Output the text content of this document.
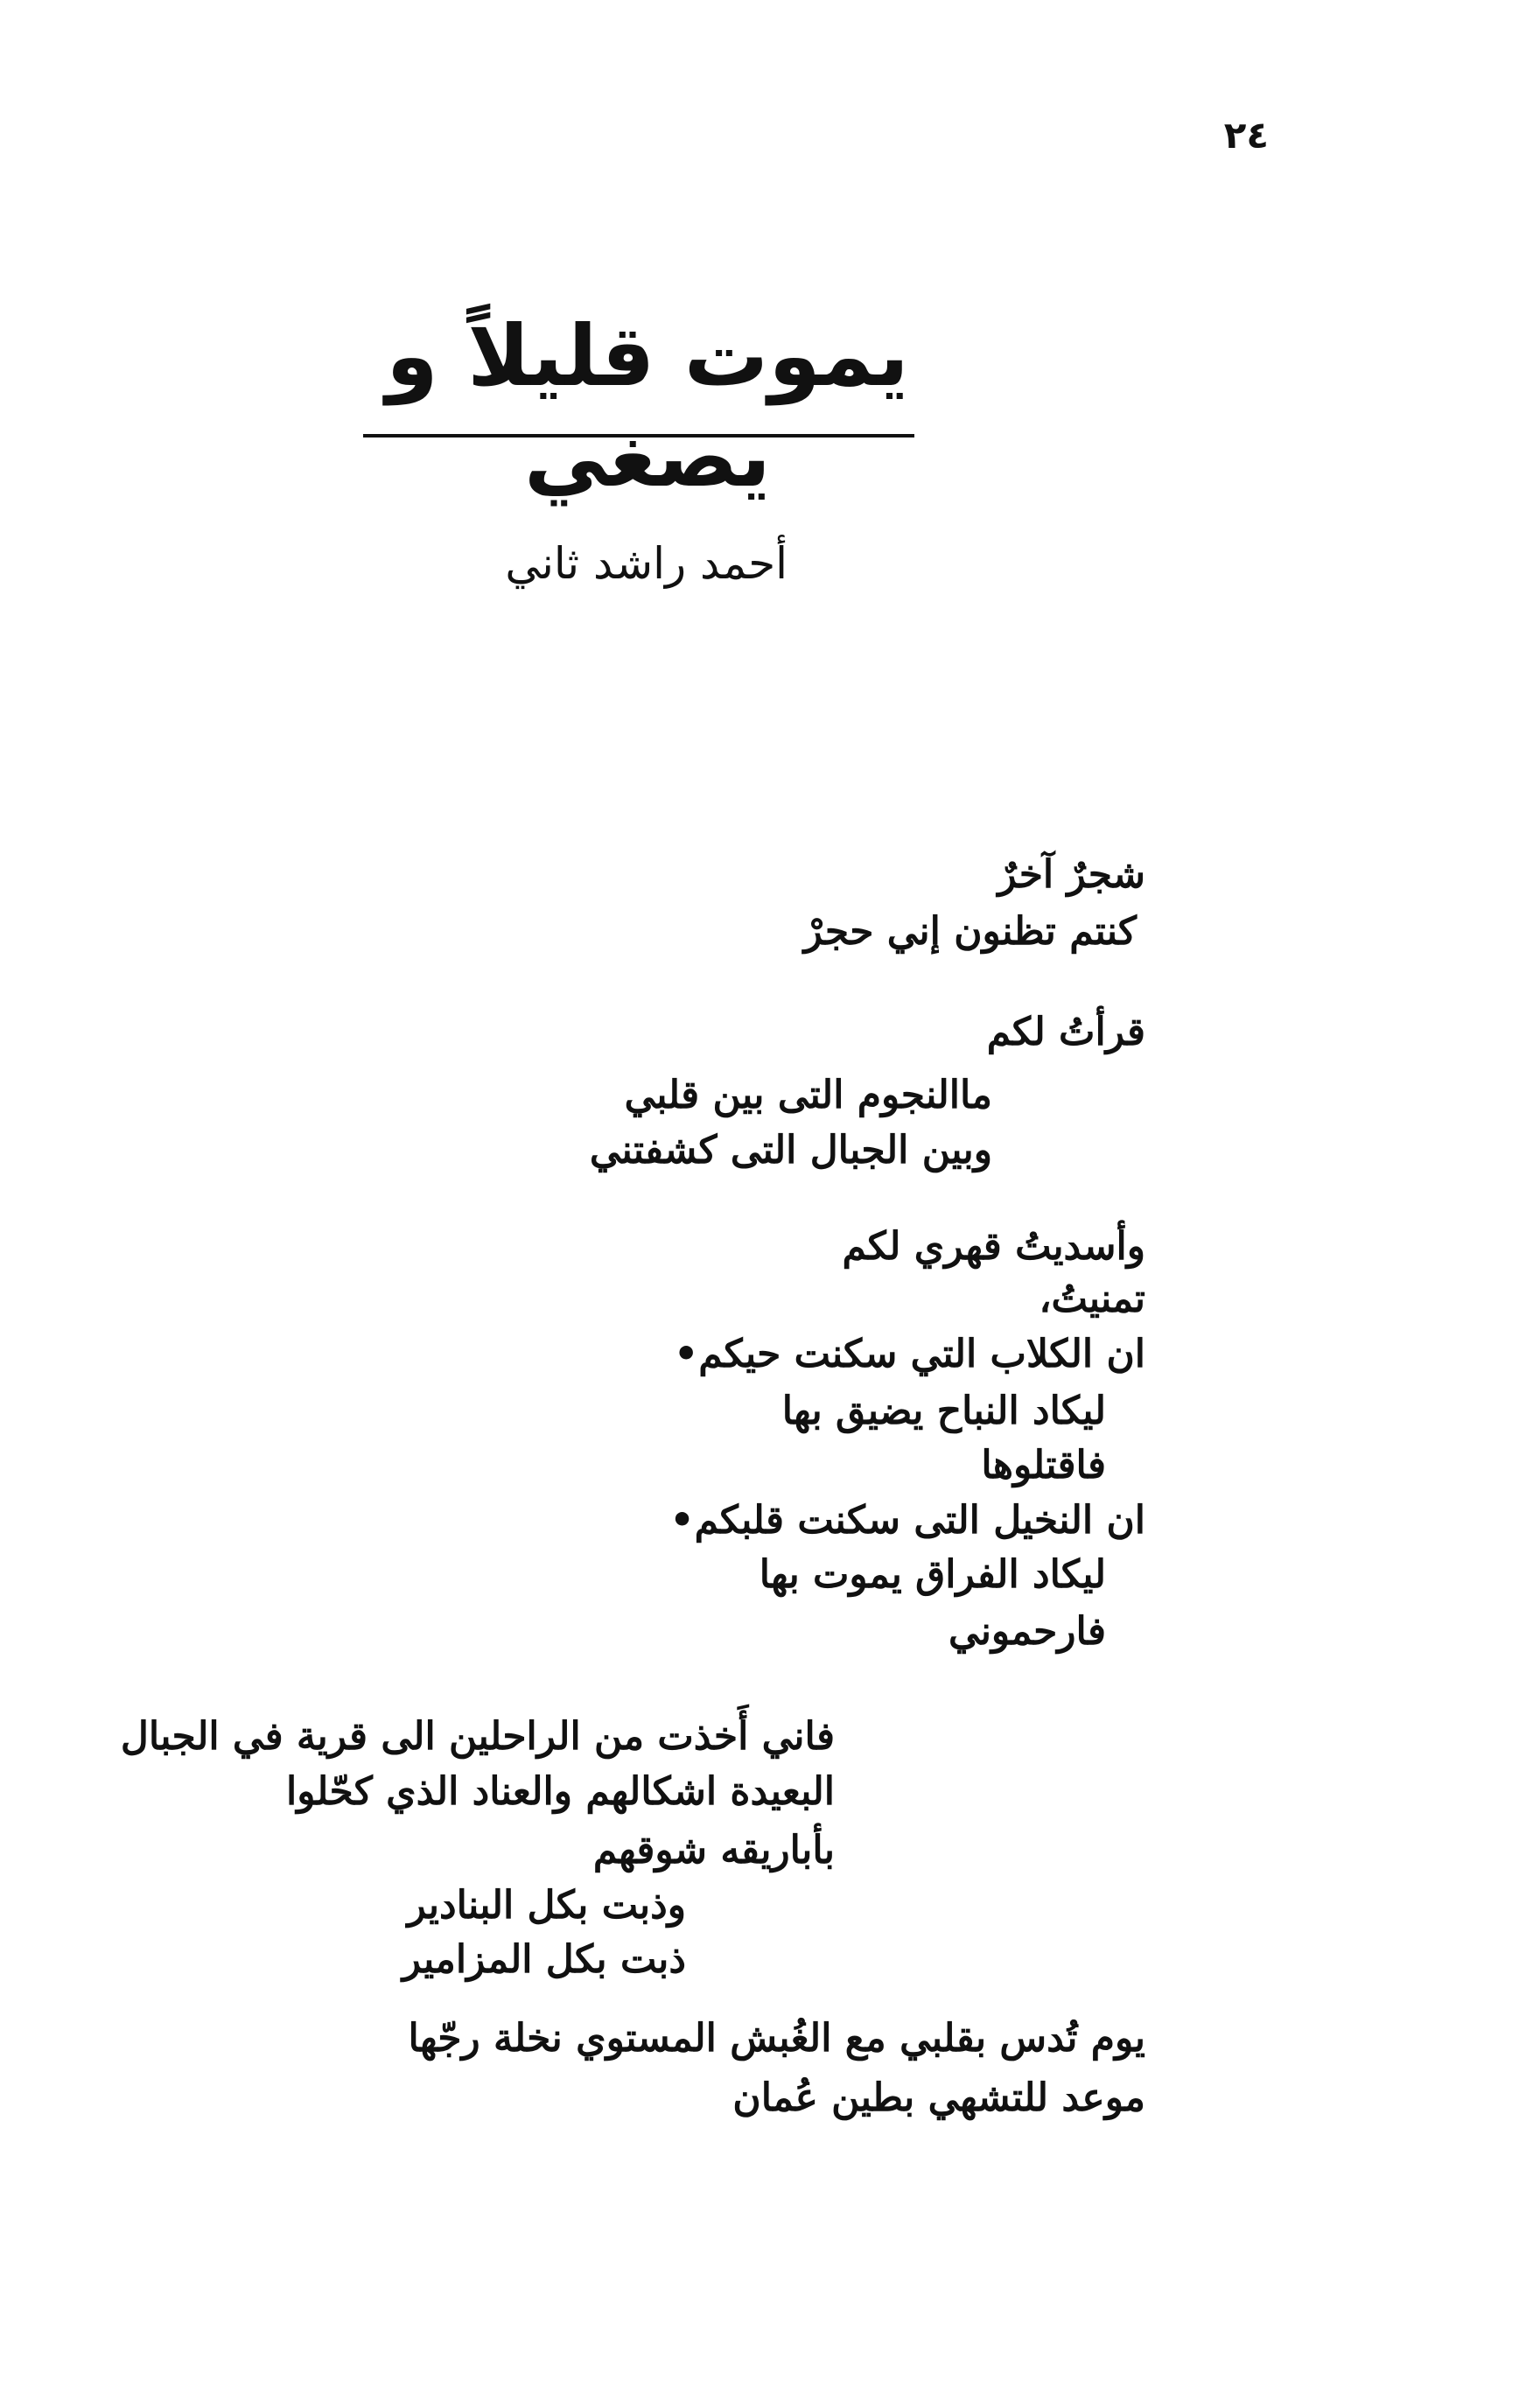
٢٤
يموت قليلاً و يصغي
أحمد راشد ثاني
شجرٌ آخرٌ
كنتم تظنون إني حجرْ
قرأتُ لكم
ماالنجوم التى بين قلبي
وبين الجبال التى كشفتني
وأسديتُ قهري لكم
تمنيتُ،
ان الكلاب التي سكنت حيكم•
ليكاد النباح يضيق بها
فاقتلوها
ان النخيل التى سكنت قلبكم•
ليكاد الفراق يموت بها
فارحموني
فاني أَخذت من الراحلين الى قرية في الجبال
البعيدة اشكالهم والعناد الذي كحّلوا
بأباريقه شوقهم
وذبت بكل البنادير
ذبت بكل المزامير
يوم تُدس بقلبي مع الغُبش المستوي نخلة رجّها
موعد للتشهي بطين عُمان
